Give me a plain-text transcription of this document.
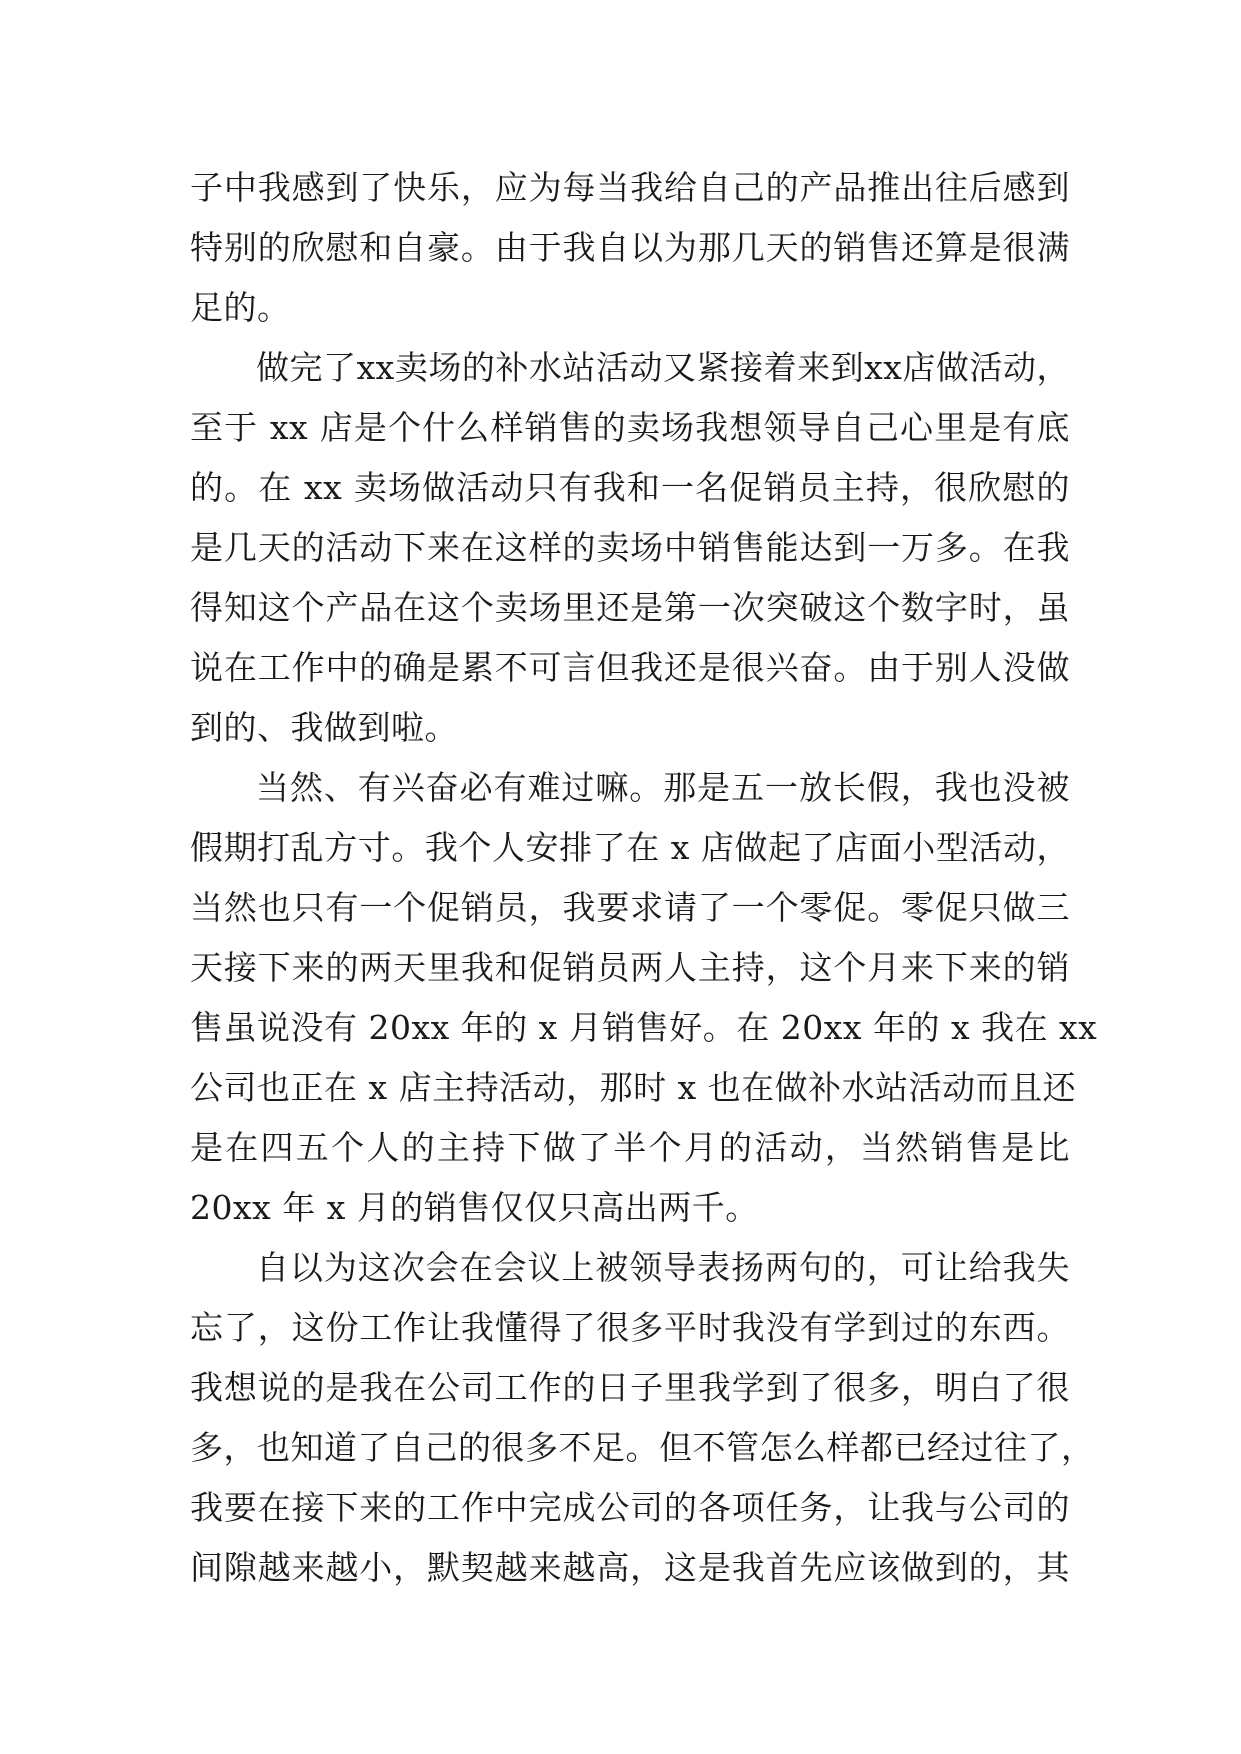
子中我感到了快乐，应为每当我给自己的产品推出往后感到
特别的欣慰和自豪。由于我自以为那几天的销售还算是很满
足的。
做完了xx卖场的补水站活动又紧接着来到xx店做活动，
至于 xx 店是个什么样销售的卖场我想领导自己心里是有底
的。在 xx 卖场做活动只有我和一名促销员主持，很欣慰的
是几天的活动下来在这样的卖场中销售能达到一万多。在我
得知这个产品在这个卖场里还是第一次突破这个数字时，虽
说在工作中的确是累不可言但我还是很兴奋。由于别人没做
到的、我做到啦。
当然、有兴奋必有难过嘛。那是五一放长假，我也没被
假期打乱方寸。我个人安排了在 x 店做起了店面小型活动，
当然也只有一个促销员，我要求请了一个零促。零促只做三
天接下来的两天里我和促销员两人主持，这个月来下来的销
售虽说没有 20xx 年的 x 月销售好。在 20xx 年的 x 我在 xx
公司也正在 x 店主持活动，那时 x 也在做补水站活动而且还
是在四五个人的主持下做了半个月的活动，当然销售是比
20xx 年 x 月的销售仅仅只高出两千。
自以为这次会在会议上被领导表扬两句的，可让给我失
忘了，这份工作让我懂得了很多平时我没有学到过的东西。
我想说的是我在公司工作的日子里我学到了很多，明白了很
多，也知道了自己的很多不足。但不管怎么样都已经过往了，
我要在接下来的工作中完成公司的各项任务，让我与公司的
间隙越来越小，默契越来越高，这是我首先应该做到的，其
